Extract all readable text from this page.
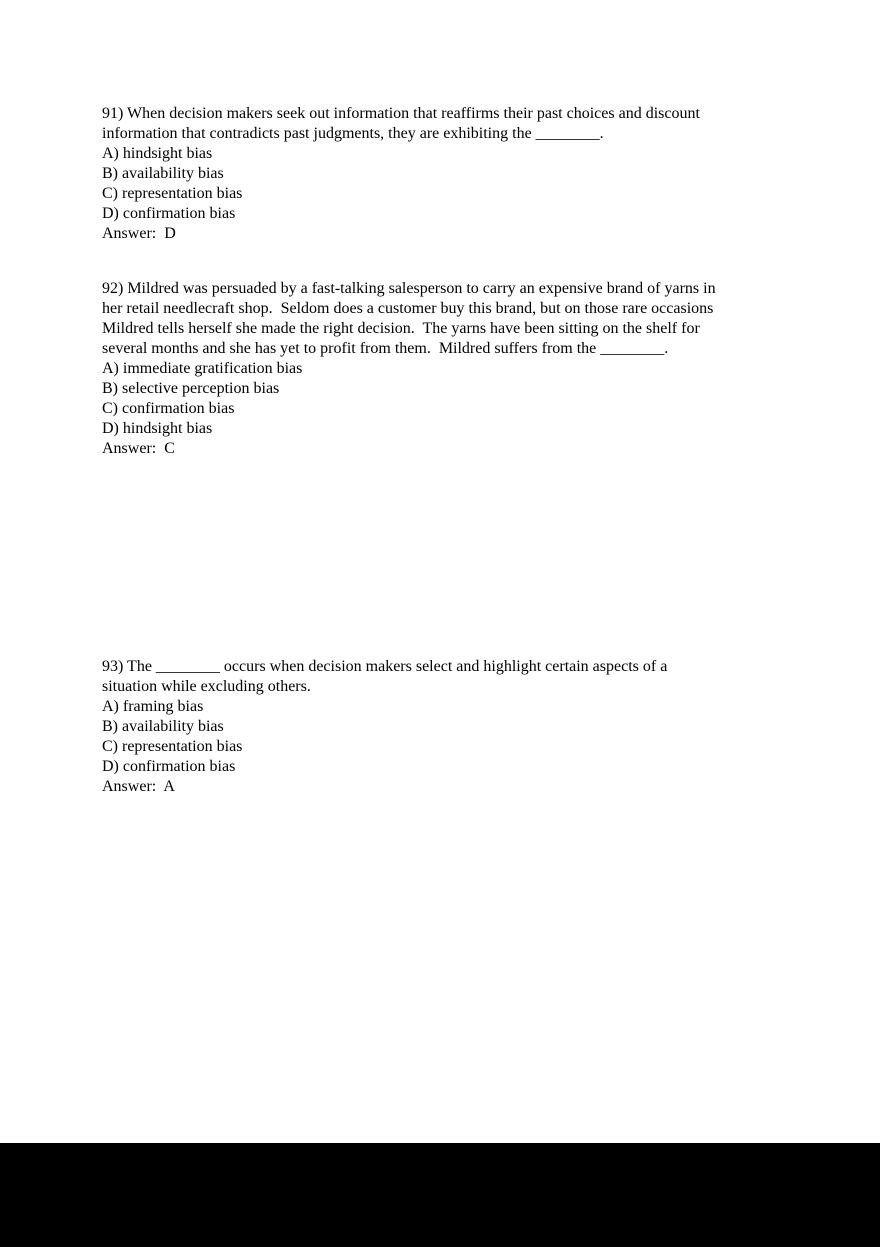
91) When decision makers seek out information that reaffirms their past choices and discount
information that contradicts past judgments, they are exhibiting the ________.
A) hindsight bias
B) availability bias
C) representation bias
D) confirmation bias
Answer:  D
92) Mildred was persuaded by a fast-talking salesperson to carry an expensive brand of yarns in
her retail needlecraft shop.  Seldom does a customer buy this brand, but on those rare occasions
Mildred tells herself she made the right decision.  The yarns have been sitting on the shelf for
several months and she has yet to profit from them.  Mildred suffers from the ________.
A) immediate gratification bias
B) selective perception bias
C) confirmation bias
D) hindsight bias
Answer:  C
93) The ________ occurs when decision makers select and highlight certain aspects of a
situation while excluding others.
A) framing bias
B) availability bias
C) representation bias
D) confirmation bias
Answer:  A
